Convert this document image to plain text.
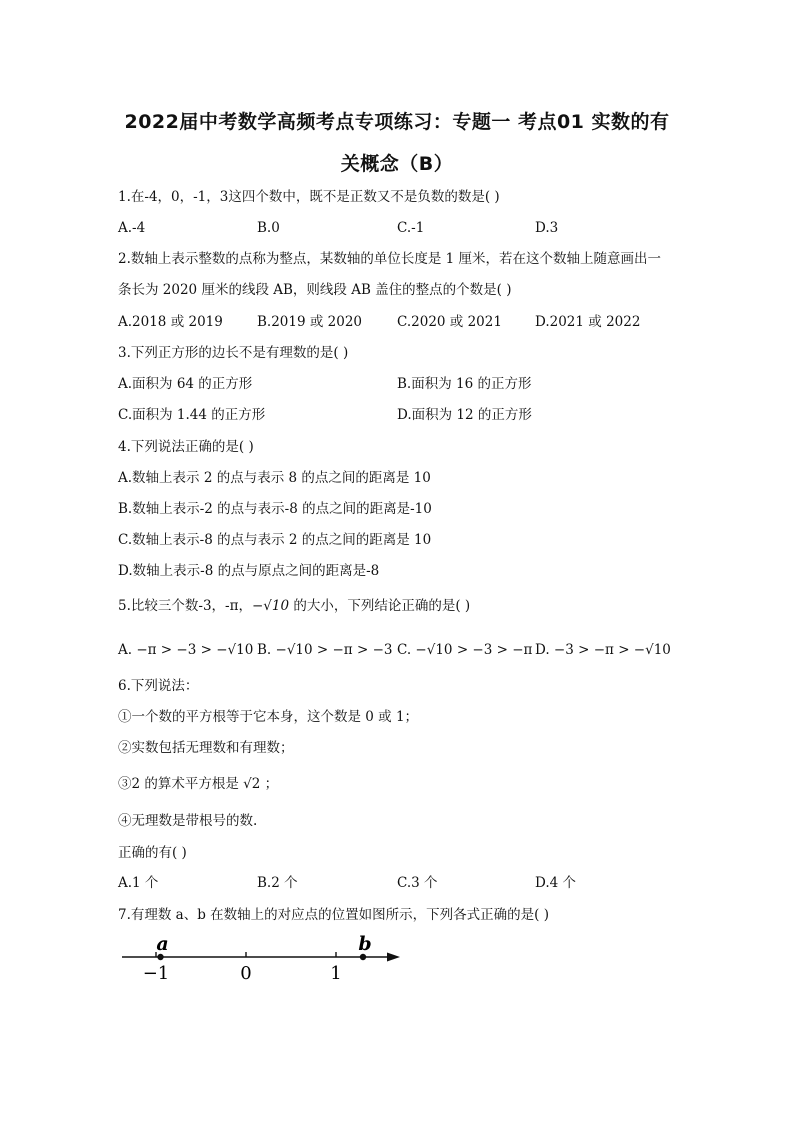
2022届中考数学高频考点专项练习：专题一 考点01 实数的有
关概念（B）
1.在-4，0，-1，3这四个数中，既不是正数又不是负数的数是( )
A.-4	B.0	C.-1	D.3
2.数轴上表示整数的点称为整点，某数轴的单位长度是 1 厘米，若在这个数轴上随意画出一
条长为 2020 厘米的线段 AB，则线段 AB 盖住的整点的个数是( )
A.2018 或 2019	B.2019 或 2020	C.2020 或 2021 D.2021 或 2022
3.下列正方形的边长不是有理数的是( )
A.面积为 64 的正方形	B.面积为 16 的正方形
C.面积为 1.44 的正方形	D.面积为 12 的正方形
4.下列说法正确的是( )
A.数轴上表示 2 的点与表示 8 的点之间的距离是 10
B.数轴上表示-2 的点与表示-8 的点之间的距离是-10
C.数轴上表示-8 的点与表示 2 的点之间的距离是 10
D.数轴上表示-8 的点与原点之间的距离是-8
5.比较三个数-3，-π，−√10 的大小，下列结论正确的是( )
A. −π > −3 > −√10 B. −√10 > −π > −3 C. −√10 > −3 > −π D. −3 > −π > −√10
6.下列说法：
①一个数的平方根等于它本身，这个数是 0 或 1；
②实数包括无理数和有理数；
③2 的算术平方根是 √2 ；
④无理数是带根号的数.
正确的有( )
A.1 个	B.2 个	C.3 个	D.4 个
7.有理数 a、b 在数轴上的对应点的位置如图所示，下列各式正确的是( )
−1	0	1
a	b
